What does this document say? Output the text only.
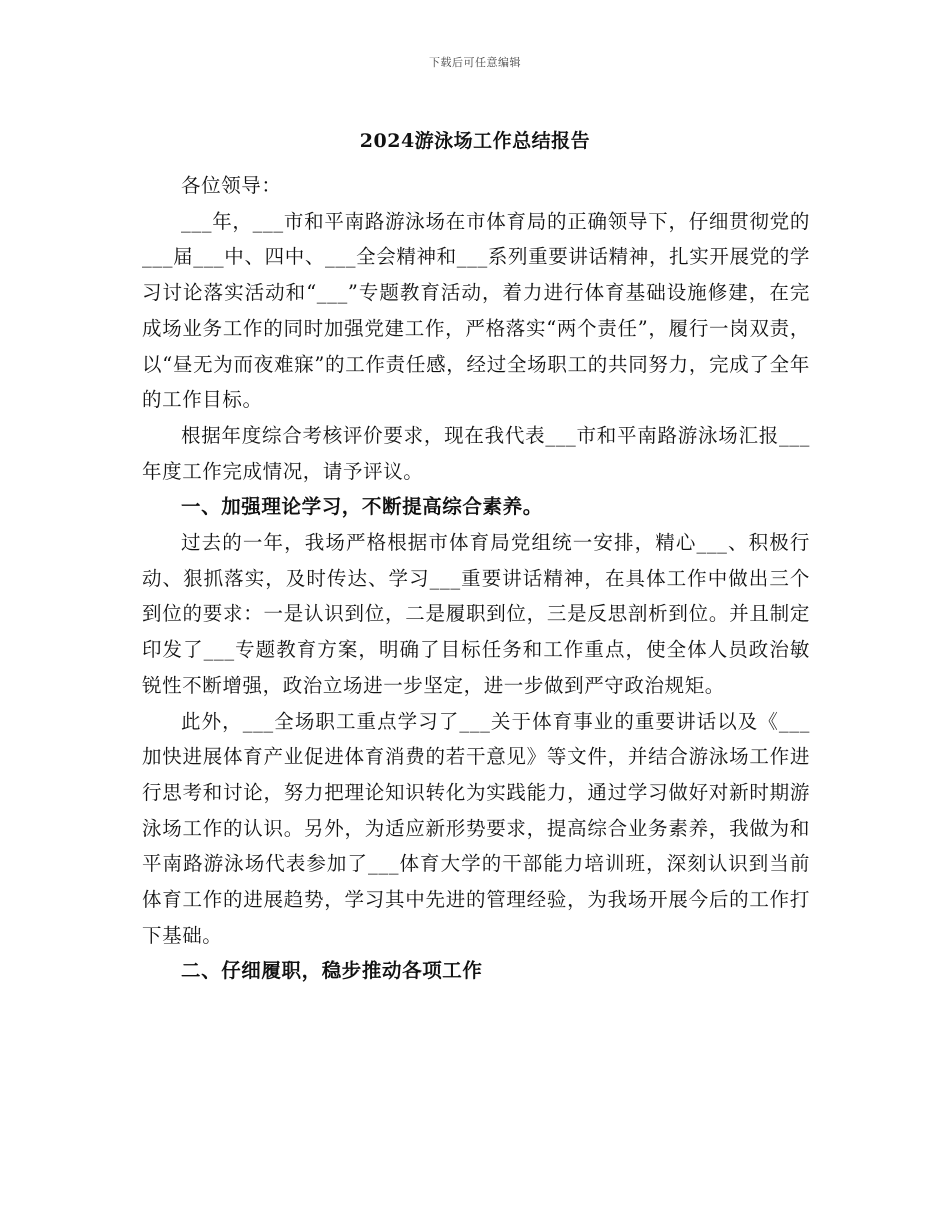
下载后可任意编辑
2024游泳场工作总结报告

各位领导：

___年，___市和平南路游泳场在市体育局的正确领导下，仔细贯彻党的___届___中、四中、___全会精神和___系列重要讲话精神，扎实开展党的学习讨论落实活动和“___”专题教育活动，着力进行体育基础设施修建，在完成场业务工作的同时加强党建工作，严格落实“两个责任”，履行一岗双责，以“昼无为而夜难寐”的工作责任感，经过全场职工的共同努力，完成了全年的工作目标。

根据年度综合考核评价要求，现在我代表___市和平南路游泳场汇报___年度工作完成情况，请予评议。

一、加强理论学习，不断提高综合素养。

过去的一年，我场严格根据市体育局党组统一安排，精心___、积极行动、狠抓落实，及时传达、学习___重要讲话精神，在具体工作中做出三个到位的要求：一是认识到位，二是履职到位，三是反思剖析到位。并且制定印发了___专题教育方案，明确了目标任务和工作重点，使全体人员政治敏锐性不断增强，政治立场进一步坚定，进一步做到严守政治规矩。

此外，___全场职工重点学习了___关于体育事业的重要讲话以及《___加快进展体育产业促进体育消费的若干意见》等文件，并结合游泳场工作进行思考和讨论，努力把理论知识转化为实践能力，通过学习做好对新时期游泳场工作的认识。另外，为适应新形势要求，提高综合业务素养，我做为和平南路游泳场代表参加了___体育大学的干部能力培训班，深刻认识到当前体育工作的进展趋势，学习其中先进的管理经验，为我场开展今后的工作打下基础。

二、仔细履职，稳步推动各项工作
